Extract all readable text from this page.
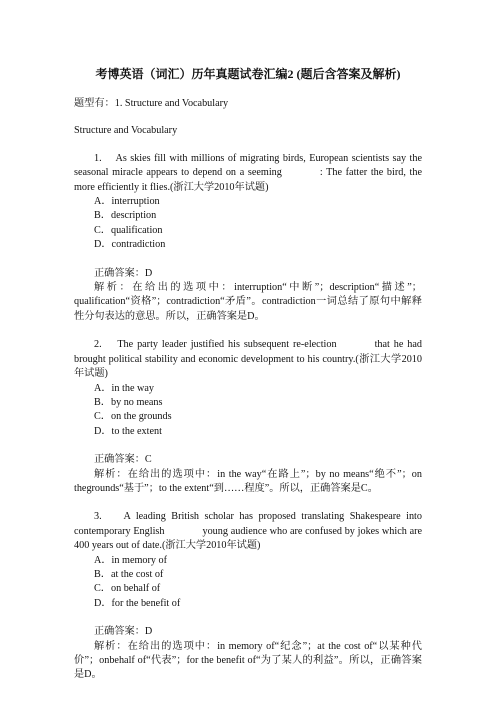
考博英语（词汇）历年真题试卷汇编2 (题后含答案及解析)
题型有：1. Structure and Vocabulary
Structure and Vocabulary
1. As skies fill with millions of migrating birds, European scientists say the seasonal miracle appears to depend on a seeming	: The fatter the bird, the more efficiently it flies.(浙江大学2010年试题)
A．interruption
B．description
C．qualification
D．contradiction
正确答案：D
解析：在给出的选项中：interruption“中断”；description“描述”；qualification“资格”；contradiction“矛盾”。contradiction一词总结了原句中解释性分句表达的意思。所以，正确答案是D。
2. The party leader justified his subsequent re-election	that he had brought political stability and economic development to his country.(浙江大学2010年试题)
A．in the way
B．by no means
C．on the grounds
D．to the extent
正确答案：C
解析：在给出的选项中：in the way“在路上”；by no means“绝不”；on thegrounds“基于”；to the extent“到……程度”。所以，正确答案是C。
3. A leading British scholar has proposed translating Shakespeare into contemporary English	young audience who are confused by jokes which are 400 years out of date.(浙江大学2010年试题)
A．in memory of
B．at the cost of
C．on behalf of
D．for the benefit of
正确答案：D
解析：在给出的选项中：in memory of“纪念”；at the cost of“以某种代价”；onbehalf of“代表”；for the benefit of“为了某人的利益”。所以，正确答案是D。
